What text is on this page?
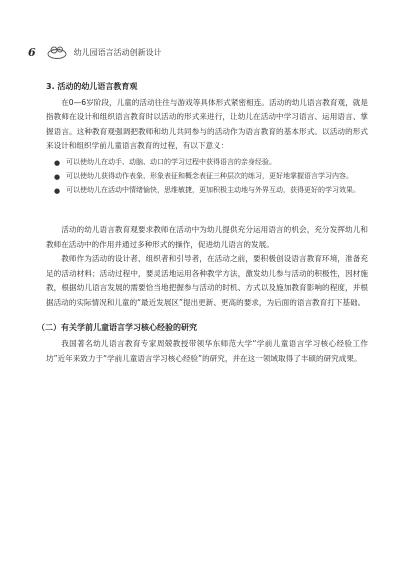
6	幼儿园语言活动创新设计
3. 活动的幼儿语言教育观

在0—6岁阶段，儿童的活动往往与游戏等具体形式紧密相连。活动的幼儿语言教育观，就是指教师在设计和组织语言教育时以活动的形式来进行，让幼儿在活动中学习语言、运用语言、掌握语言。这种教育观强调把教师和幼儿共同参与的活动作为语言教育的基本形式。以活动的形式来设计和组织学前儿童语言教育的过程，有以下意义：

● 可以使幼儿在动手、动脑、动口的学习过程中获得语言的亲身经验。
● 可以使幼儿获得动作表象、形象表征和概念表征三种层次的练习，更好地掌握语言学习内容。
● 可以使幼儿在活动中情绪愉快，思维敏捷，更加积极主动地与外界互动，获得更好的学习效果。

活动的幼儿语言教育观要求教师在活动中为幼儿提供充分运用语言的机会，充分发挥幼儿和教师在活动中的作用并通过多种形式的操作，促进幼儿语言的发展。

教师作为活动的设计者、组织者和引导者，在活动之前，要积极创设语言教育环境，准备充足的活动材料；活动过程中，要灵活地运用各种教学方法，激发幼儿参与活动的积极性，因材施教，根据幼儿语言发展的需要恰当地把握参与活动的时机、方式以及施加教育影响的程度，并根据活动的实际情况和儿童的“最近发展区”提出更新、更高的要求，为后面的语言教育打下基础。

（二）有关学前儿童语言学习核心经验的研究

我国著名幼儿语言教育专家周兢教授带领华东师范大学“学前儿童语言学习核心经验工作坊”近年来致力于“学前儿童语言学习核心经验”的研究，并在这一领域取得了丰硕的研究成果。
